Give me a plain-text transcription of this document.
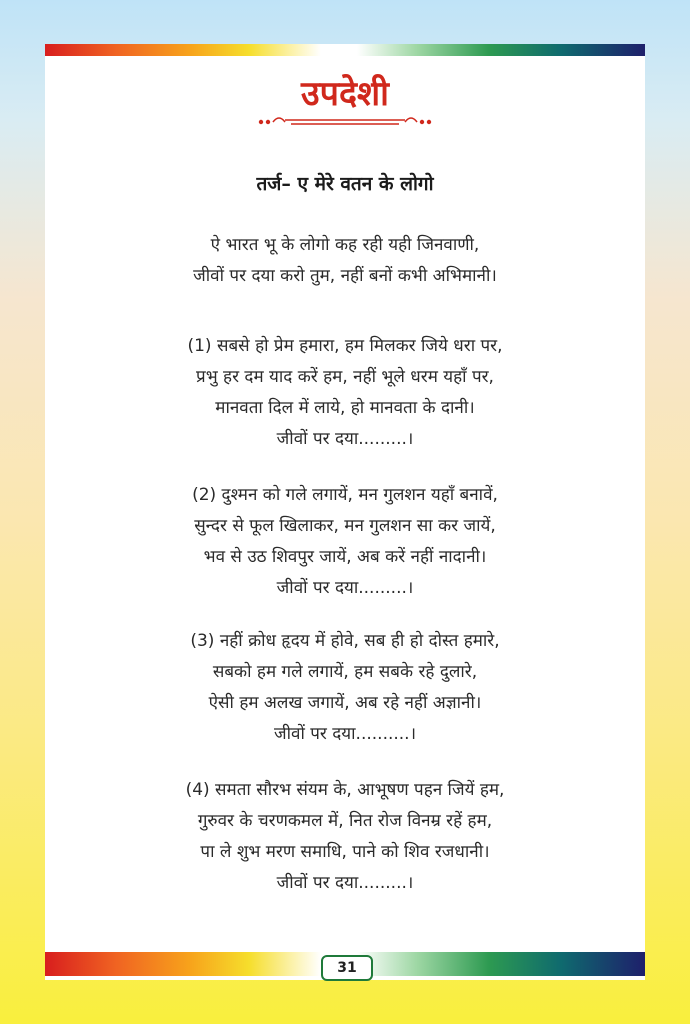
उपदेशी
तर्ज– ए मेरे वतन के लोगो
ऐ भारत भू के लोगो कह रही यही जिनवाणी,
जीवों पर दया करो तुम, नहीं बनों कभी अभिमानी।
(1) सबसे हो प्रेम हमारा, हम मिलकर जिये धरा पर,
प्रभु हर दम याद करें हम, नहीं भूले धरम यहाँ पर,
मानवता दिल में लाये, हो मानवता के दानी।
जीवों पर दया.........।
(2) दुश्मन को गले लगायें, मन गुलशन यहाँ बनावें,
सुन्दर से फूल खिलाकर, मन गुलशन सा कर जायें,
भव से उठ शिवपुर जायें, अब करें नहीं नादानी।
जीवों पर दया.........।
(3) नहीं क्रोध हृदय में होवे, सब ही हो दोस्त हमारे,
सबको हम गले लगायें, हम सबके रहे दुलारे,
ऐसी हम अलख जगायें, अब रहे नहीं अज्ञानी।
जीवों पर दया..........।
(4) समता सौरभ संयम के, आभूषण पहन जियें हम,
गुरुवर के चरणकमल में, नित रोज विनम्र रहें हम,
पा ले शुभ मरण समाधि, पाने को शिव रजधानी।
जीवों पर दया.........।
31
